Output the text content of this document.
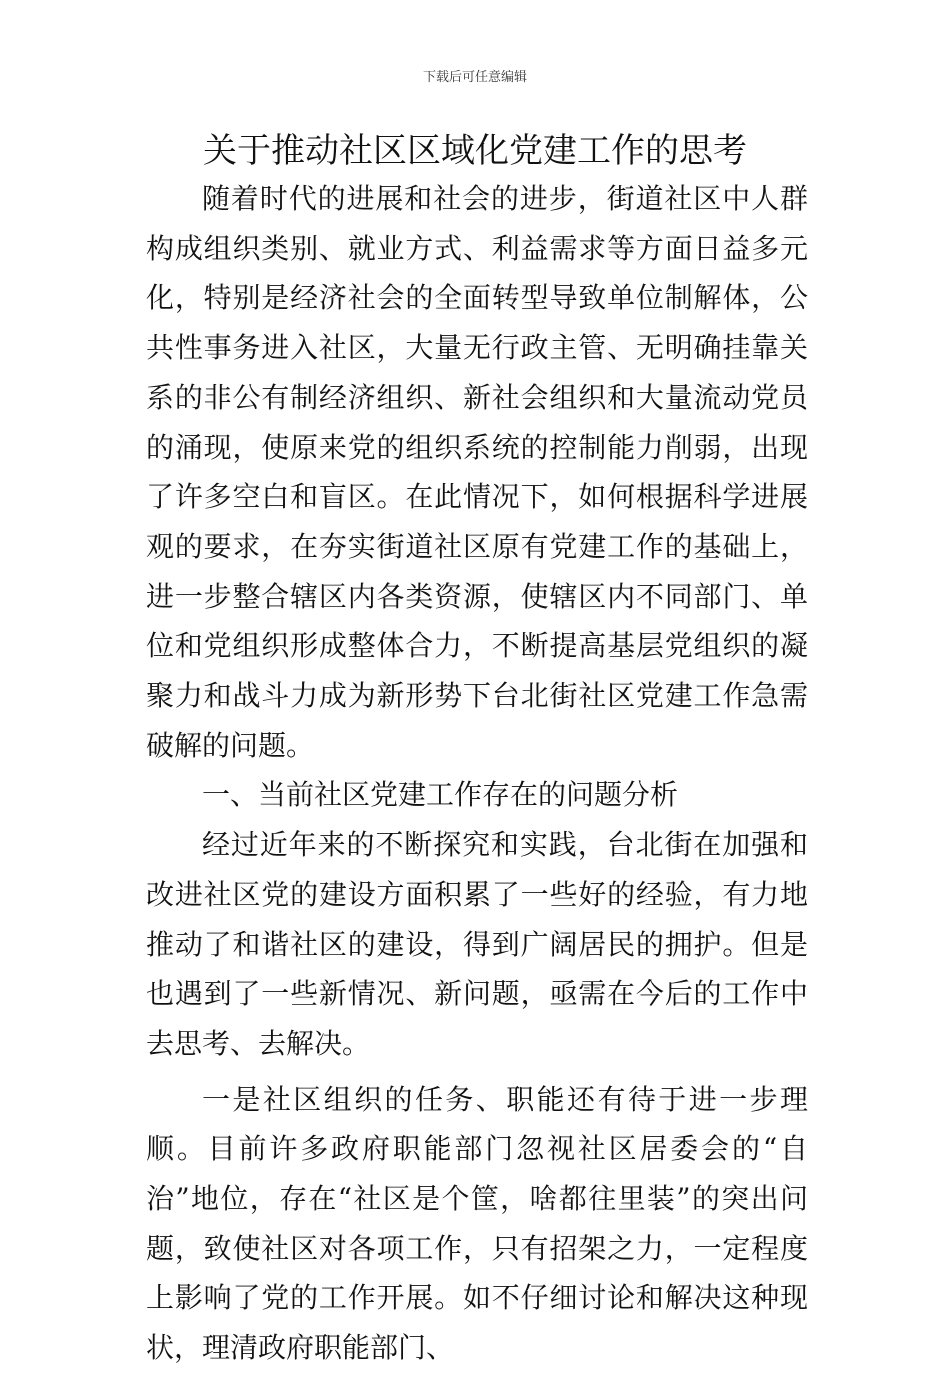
下载后可任意编辑
关于推动社区区域化党建工作的思考

随着时代的进展和社会的进步，街道社区中人群构成组织类别、就业方式、利益需求等方面日益多元化，特别是经济社会的全面转型导致单位制解体，公共性事务进入社区，大量无行政主管、无明确挂靠关系的非公有制经济组织、新社会组织和大量流动党员的涌现，使原来党的组织系统的控制能力削弱，出现了许多空白和盲区。在此情况下，如何根据科学进展观的要求，在夯实街道社区原有党建工作的基础上，进一步整合辖区内各类资源，使辖区内不同部门、单位和党组织形成整体合力，不断提高基层党组织的凝聚力和战斗力成为新形势下台北街社区党建工作急需破解的问题。

一、当前社区党建工作存在的问题分析

经过近年来的不断探究和实践，台北街在加强和改进社区党的建设方面积累了一些好的经验，有力地推动了和谐社区的建设，得到广阔居民的拥护。但是也遇到了一些新情况、新问题，亟需在今后的工作中去思考、去解决。

一是社区组织的任务、职能还有待于进一步理顺。目前许多政府职能部门忽视社区居委会的“自治”地位，存在“社区是个筐，啥都往里装”的突出问题，致使社区对各项工作，只有招架之力，一定程度上影响了党的工作开展。如不仔细讨论和解决这种现状，理清政府职能部门、
